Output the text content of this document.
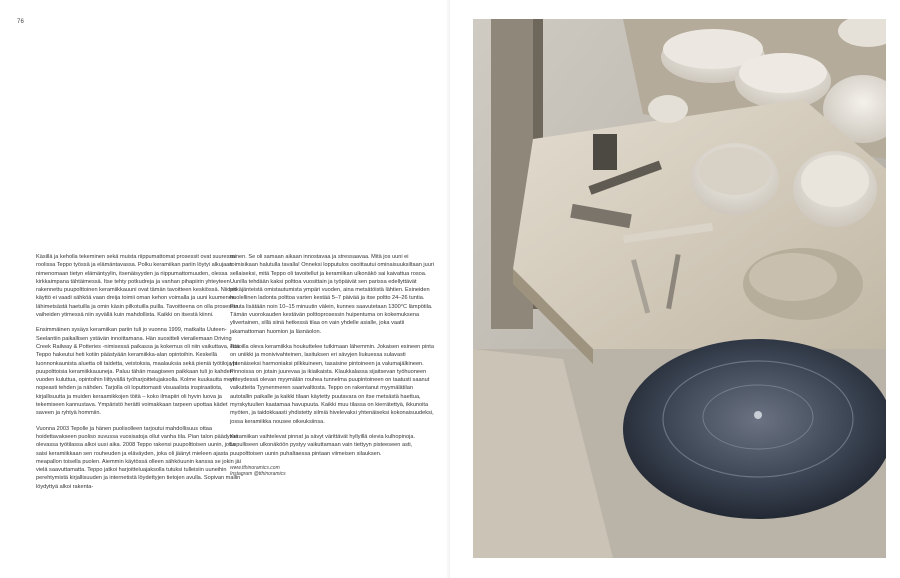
76

Käsillä ja keholla tekeminen sekä muista riippumattomat prosessit ovat suuressa roolissa Teppo työssä ja elämäntavassa. Polku keramiikan pariin löytyi alkujaan nimenomaan tietyn elämäntyylin, itsenäisyyden ja riippumattomuuden, olessa kirkkaimpana tähtäimessä. Itse tehty potkudreja ja vanhan pihapiirin yhteyteen rakennettu puupolttoinen keramiikkauuni ovat tämän tavoitteen keskiössä. Niiden käyttö ei vaadi sähköä vaan dreija toimii oman kehon voimalla ja uuni kuumenee lähimetsästä haetuilla ja omin käsin pilkotuilla puilla. Tavoitteena on olla prosessin vaiheiden ytimessä niin syvällä kuin mahdollista. Kaikki on itsestä kiinni.

Ensimmäinen sysäys keramiikan pariin tuli jo vuonna 1999, matkalta Uuteen-Seelantiin paikallisen ystävän innoittamana. Hän suositteli vierailemaan Driving Creek Railway & Potteries -nimisessä paikassa ja kokemus oli niin vaikuttava, että Teppo hakeutui heti kotiin päästyään keramiikka-alan opintoihin. Keskellä luonnonkaunista aluetta oli taidetta, veistoksia, maalauksia sekä pieniä työtiloja ja puupolttoisia keramiikkauuneja. Paluu tähän maagiseen paikkaan tuli jo kahden vuoden kuluttua, opintoihin liittyvällä työharjoittelujaksolla. Kolme kuukautta meni nopeasti tehden ja nähden. Tarjolla oli loputtomasti visuaalista inspiraatiota, kirjallisuutta ja muiden keraamikkojen töitä – koko ilmapiiri oli hyvin luova ja tekemiseen kannustava. Ympäristö herätti voimakkaan tarpeen upottaa kädet saveen ja ryhtyä hommiin.

Vuonna 2003 Tepolle ja hänen puolisolleen tarjoutui mahdollisuus ottaa hoidettavakseen puoliso suvussa vuosisatoja ollut vanha tila. Pian talon päädyssä olevassa työtilassa alkoi uusi aika. 2008 Teppo rakensi puupolttoisen uunin, jotta saisi keramiikkaan sen rouheuden ja eläväyden, joka oli jäänyt mieleen ajasta meapallon toisella puolen. Aiemmin käytössä olleen sähköuunin kanssa se jokin jäi vielä saavuttamatta. Teppo jatkoi harjoitteluajaksolla tutuksi tulleisiin uuneihin perehtymistä kirjallisuuden ja internetistä löydettyjen tietojen avulla. Sopivan mallin löydyttyä alkoi rakenta-

minen. Se oli samaan aikaan innostavaa ja stressaavaa. Mitä jos uuni ei toimisikaan halutulla tavalla! Onneksi lopputulos osoittautui ominaisuuksiltaan juuri sellaiseksi, mitä Teppo oli tavoitellut ja keramiikan ulkonäkö sai kaivattua rosoa. Uunilla tehdään kaksi polttoa vuosittain ja työpäivät sen parissa edellyttävät pitkäjänteistä omistautumista ympäri vuoden, aina metsätöistä lähtien. Esineiden huolellinen ladonta polttoa varten kestää 5–7 päivää ja itse poltto 24–26 tuntia. Puuta lisätään noin 10–15 minuutin välein, kunnes saavutetaan 1300°C lämpötila. Tämän vuorokauden kestävän polttoprosessin huipentuma on kokemuksena ylivertainen, sillä siinä hetkessä tilaa on vain yhdelle asialle, joka vaatii jakamattoman huomion ja läsnäolon.

Tasoilla oleva keramiikka houkuttelee tutkimaan lähemmin. Jokaisen esineen pinta on uniikki ja monivivahteinen, lasituksen eri sävyjen liukuessa sulavasti yhtenäiseksi harmoniaksi pilkkuineen, tasaisine pintoineen ja valumajälkineen. Pinnoissa on jotain juurevaa ja ikiaikaista. Klaukkalassa sijaitsevan työhuoneen yhteydessä olevan myymälän rouhea tunnelma puupintoineen on taatusti saanut vaikutteita Tyynenmeren saarivaltiosta. Teppo on rakentanut myymälätilan autotallin paikalle ja kaikki tilaan käytetty puutavara on itse metsästä haettua, myrskytuulien kaatamaa havupuuta. Kaikki muu tilassa on kierrätettyä, ikkunoita myöten, ja taidokkaasti yhdistetty silmiä hivelevaksi yhtenäiseksi kokonaisuudeksi, jossa keramiikka nousee oikeuksiinsa.

Keramiikan vaihtelevat pinnat ja sävyt värittävät hyllyillä olevia kulhopinoja. Lopulliseen ulkonäköön pystyy vaikuttamaan vain tiettyyn pisteeseen asti, puupolttoisen uunin puhaltaessa pintaan viimeisen silauksen.

www.tthinoramics.com
Instagram @tthinoramics
